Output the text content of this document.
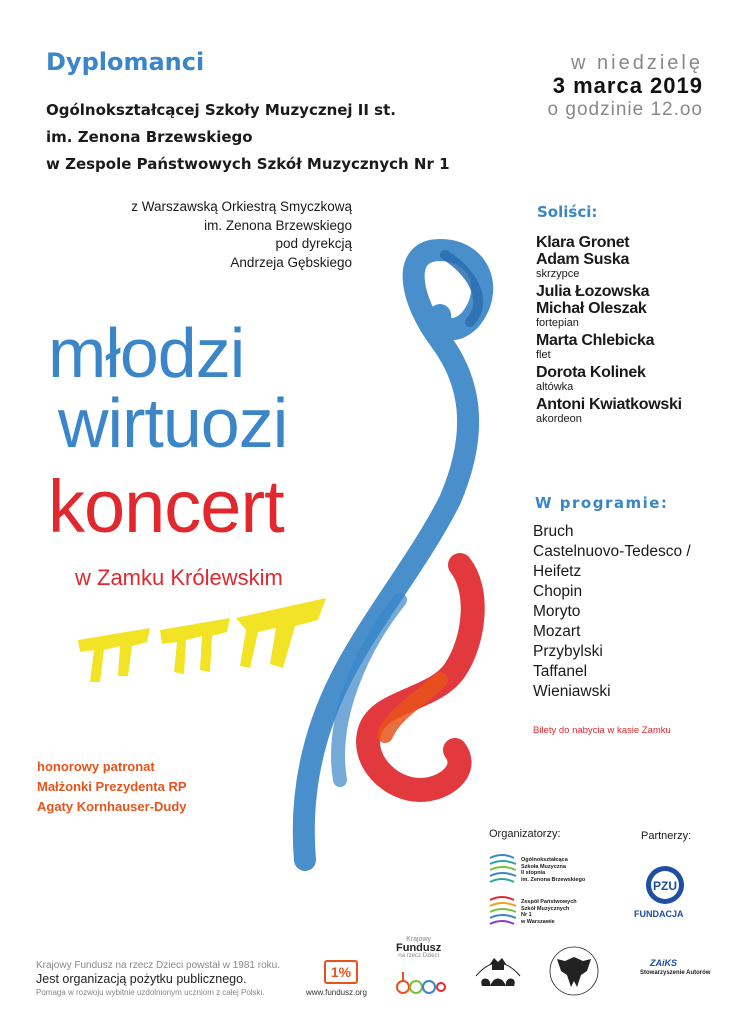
Dyplomanci
Ogólnokształcącej Szkoły Muzycznej II st.
im. Zenona Brzewskiego
w Zespole Państwowych Szkół Muzycznych Nr 1
w niedzielę
3 marca 2019
o godzinie 12.oo
z Warszawską Orkiestrą Smyczkową
im. Zenona Brzewskiego
pod dyrekcją
Andrzeja Gębskiego
młodzi
wirtuozi
koncert
w Zamku Królewskim
Soliści:
Klara Gronet
Adam Suska
skrzypce
Julia Łozowska
Michał Oleszak
fortepian
Marta Chlebicka
flet
Dorota Kolinek
altówka
Antoni Kwiatkowski
akordeon
W programie:
Bruch
Castelnuovo-Tedesco /
Heifetz
Chopin
Moryto
Mozart
Przybylski
Taffanel
Wieniawski
Bilety do nabycia w kasie Zamku
honorowy patronat
Małżonki Prezydenta RP
Agaty Kornhauser-Dudy
Organizatorzy:	Partnerzy:
Ogólnokształcąca
Szkoła Muzyczna
II stopnia
im. Zenona Brzewskiego
Zespół Państwowych
Szkół Muzycznych
Nr 1
w Warszawie
PZU
FUNDACJA
Krajowy Fundusz na rzecz Dzieci powstał w 1981 roku.
Jest organizacją pożytku publicznego.
Pomaga w rozwoju wybitnie uzdolnionym uczniom z całej Polski.
1%
www.fundusz.org
Krajowy
Fundusz
na rzecz Dzieci
ZAiKS
Stowarzyszenie Autorów
